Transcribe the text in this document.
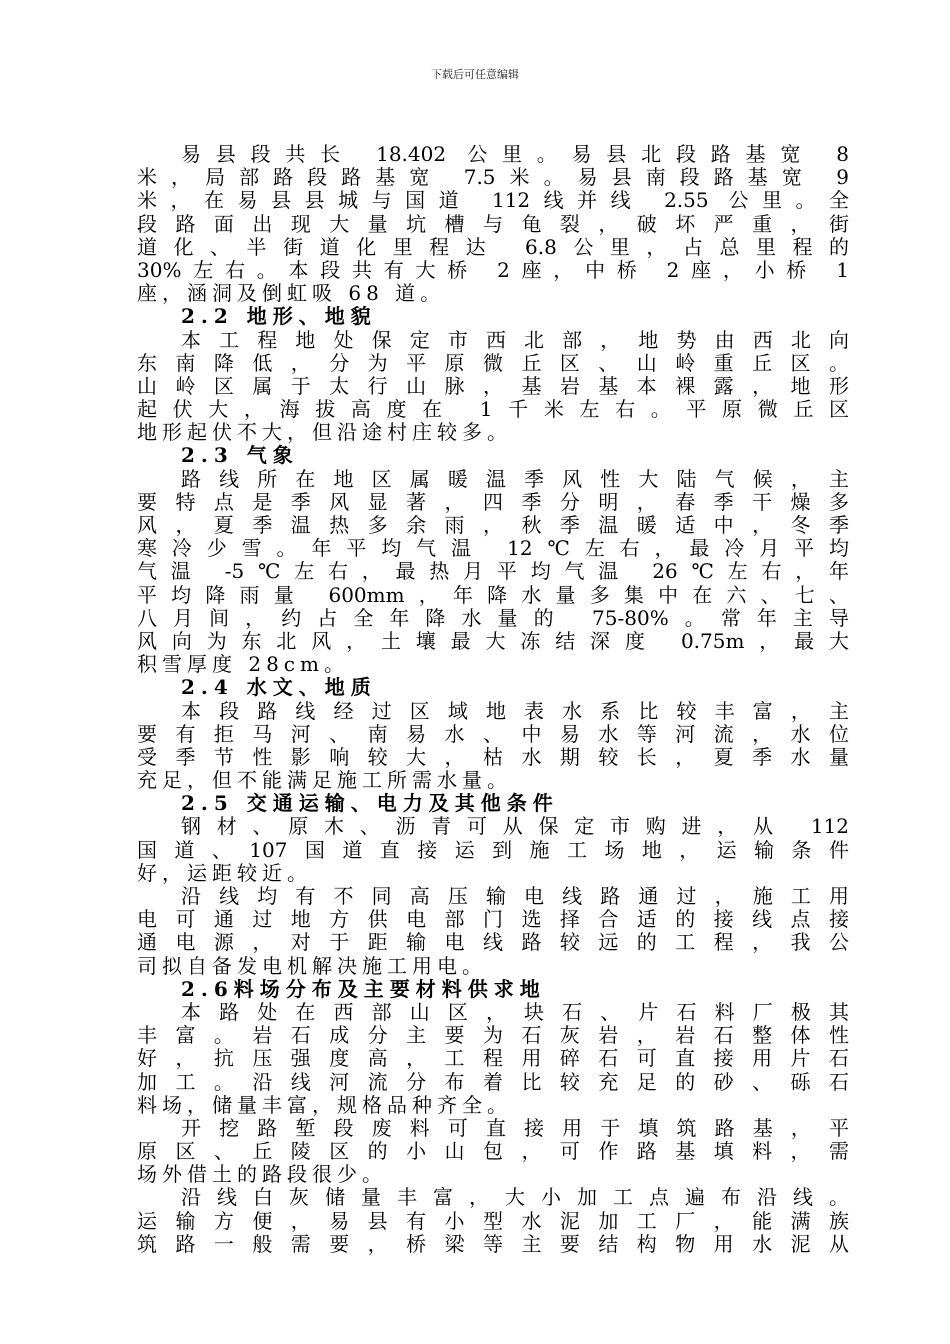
下载后可任意编辑
易县段共长 18.402 公里。易县北段路基宽 8
米，局部路段路基宽 7.5米。易县南段路基宽 9
米，在易县县城与国道 112线并线 2.55 公里。全
段路面出现大量坑槽与龟裂，破坏严重，街
道化、半街道化里程达 6.8公里，占总里程的
30%左右。本段共有大桥 2座，中桥 2座，小桥 1
座，涵洞及倒虹吸 68 道。
2.2 地形、地貌
本工程地处保定市西北部，地势由西北向
东南降低，分为平原微丘区、山岭重丘区。
山岭区属于太行山脉，基岩基本裸露，地形
起伏大，海拔高度在 1千米左右。平原微丘区
地形起伏不大，但沿途村庄较多。
2.3 气象
路线所在地区属暖温季风性大陆气候，主
要特点是季风显著，四季分明，春季干燥多
风，夏季温热多余雨，秋季温暖适中，冬季
寒冷少雪。年平均气温 12℃左右，最冷月平均
气温 -5℃左右，最热月平均气温 26℃左右，年
平均降雨量 600mm，年降水量多集中在六、七、
八月间，约占全年降水量的 75-80%。常年主导
风向为东北风，土壤最大冻结深度 0.75m，最大
积雪厚度 28cm。
2.4 水文、地质
本段路线经过区域地表水系比较丰富，主
要有拒马河、南易水、中易水等河流，水位
受季节性影响较大，枯水期较长，夏季水量
充足，但不能满足施工所需水量。
2.5 交通运输、电力及其他条件
钢材、原木、沥青可从保定市购进，从 112
国道、107国道直接运到施工场地，运输条件
好，运距较近。
沿线均有不同高压输电线路通过，施工用
电可通过地方供电部门选择合适的接线点接
通电源，对于距输电线路较远的工程，我公
司拟自备发电机解决施工用电。
2.6料场分布及主要材料供求地
本路处在西部山区，块石、片石料厂极其
丰富。岩石成分主要为石灰岩，岩石整体性
好，抗压强度高，工程用碎石可直接用片石
加工。沿线河流分布着比较充足的砂、砾石
料场，储量丰富，规格品种齐全。
开挖路堑段废料可直接用于填筑路基，平
原区、丘陵区的小山包，可作路基填料，需
场外借土的路段很少。
沿线白灰储量丰富，大小加工点遍布沿线。
运输方便，易县有小型水泥加工厂，能满族
筑路一般需要，桥梁等主要结构物用水泥从
